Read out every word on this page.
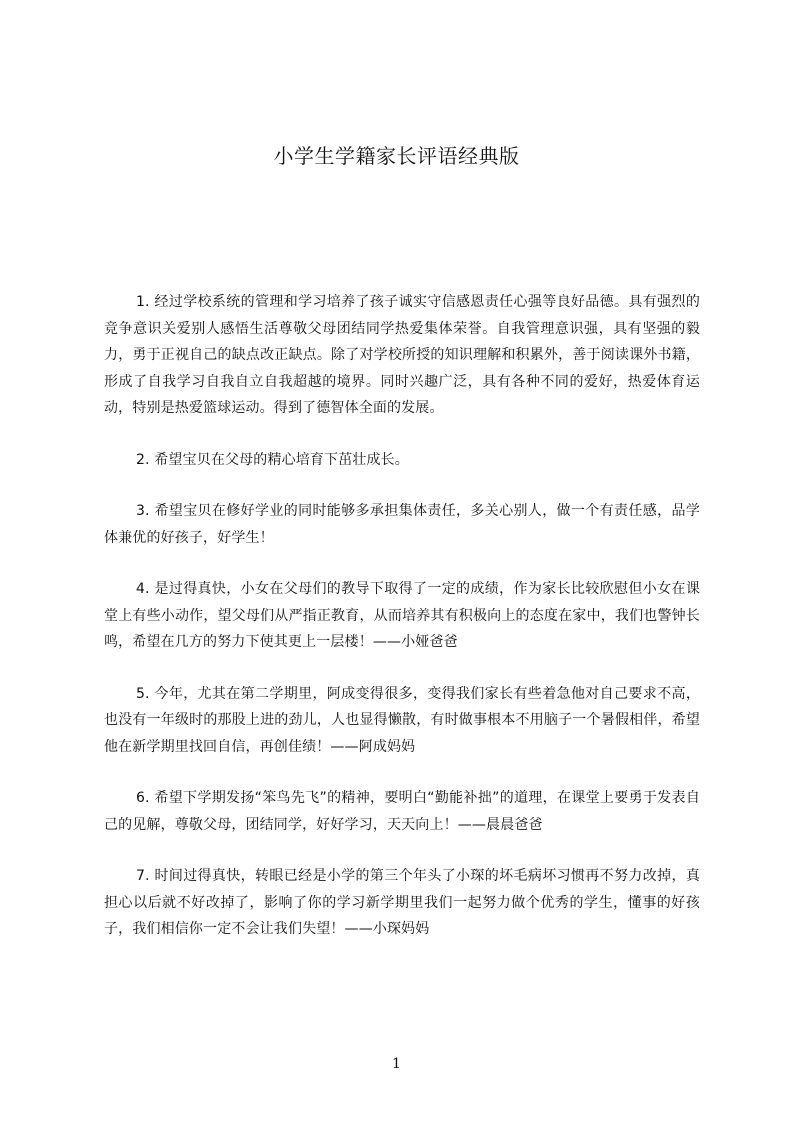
小学生学籍家长评语经典版

1. 经过学校系统的管理和学习培养了孩子诚实守信感恩责任心强等良好品德。具有强烈的竞争意识关爱别人感悟生活尊敬父母团结同学热爱集体荣誉。自我管理意识强，具有坚强的毅力，勇于正视自己的缺点改正缺点。除了对学校所授的知识理解和积累外，善于阅读课外书籍，形成了自我学习自我自立自我超越的境界。同时兴趣广泛，具有各种不同的爱好，热爱体育运动，特别是热爱篮球运动。得到了德智体全面的发展。

2. 希望宝贝在父母的精心培育下茁壮成长。

3. 希望宝贝在修好学业的同时能够多承担集体责任，多关心别人，做一个有责任感，品学体兼优的好孩子，好学生！

4. 是过得真快，小女在父母们的教导下取得了一定的成绩，作为家长比较欣慰但小女在课堂上有些小动作，望父母们从严指正教育，从而培养其有积极向上的态度在家中，我们也警钟长鸣，希望在几方的努力下使其更上一层楼！——小娅爸爸

5. 今年，尤其在第二学期里，阿成变得很多，变得我们家长有些着急他对自己要求不高，也没有一年级时的那股上进的劲儿，人也显得懒散，有时做事根本不用脑子一个暑假相伴，希望他在新学期里找回自信，再创佳绩！——阿成妈妈

6. 希望下学期发扬“笨鸟先飞”的精神，要明白“勤能补拙”的道理，在课堂上要勇于发表自己的见解，尊敬父母，团结同学，好好学习，天天向上！——晨晨爸爸

7. 时间过得真快，转眼已经是小学的第三个年头了小琛的坏毛病坏习惯再不努力改掉，真担心以后就不好改掉了，影响了你的学习新学期里我们一起努力做个优秀的学生，懂事的好孩子，我们相信你一定不会让我们失望！——小琛妈妈

1
